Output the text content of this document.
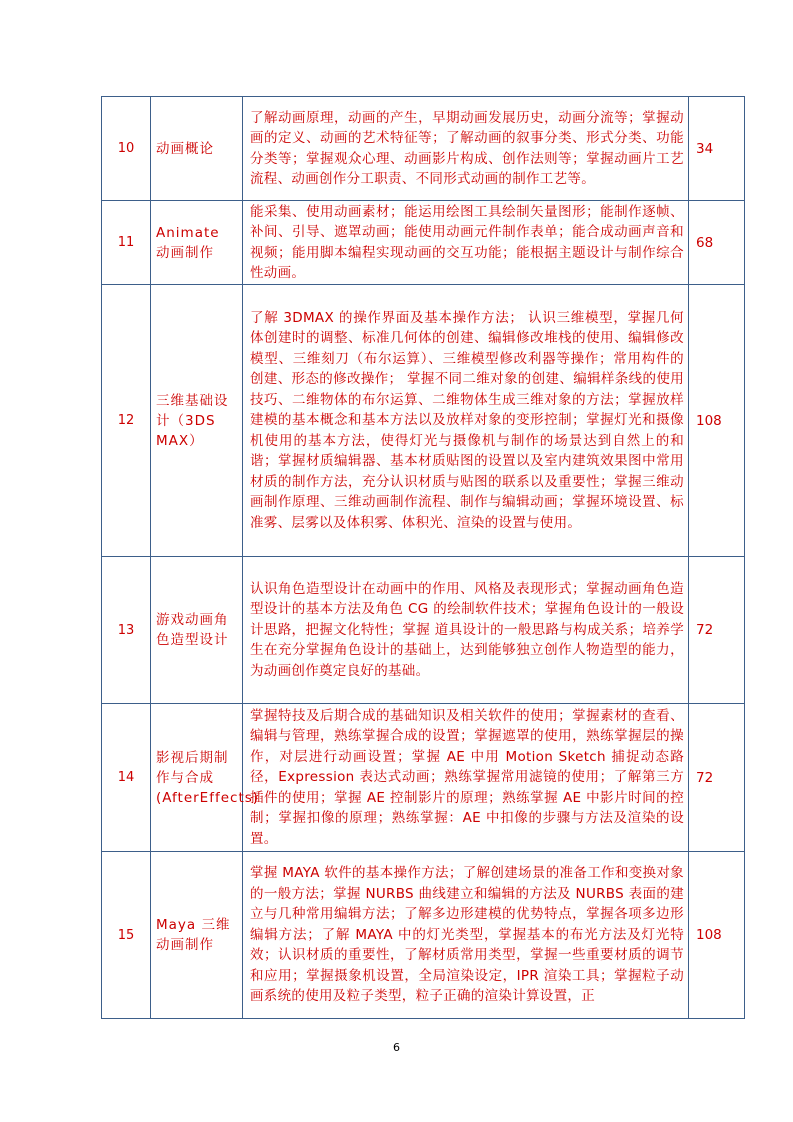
10	动画概论	了解动画原理，动画的产生，早期动画发展历史，动画分流等；掌握动画的定义、动画的艺术特征等；了解动画的叙事分类、形式分类、功能分类等；掌握观众心理、动画影片构成、创作法则等；掌握动画片工艺流程、动画创作分工职责、不同形式动画的制作工艺等。	34
11	Animate 动画制作	能采集、使用动画素材；能运用绘图工具绘制矢量图形；能制作逐帧、补间、引导、遮罩动画；能使用动画元件制作表单；能合成动画声音和视频；能用脚本编程实现动画的交互功能；能根据主题设计与制作综合性动画。	68
12	三维基础设计（3DS MAX）	了解 3DMAX 的操作界面及基本操作方法； 认识三维模型，掌握几何体创建时的调整、标准几何体的创建、编辑修改堆栈的使用、编辑修改模型、三维刻刀（布尔运算）、三维模型修改利器等操作；常用构件的创建、形态的修改操作； 掌握不同二维对象的创建、编辑样条线的使用技巧、二维物体的布尔运算、二维物体生成三维对象的方法；掌握放样建模的基本概念和基本方法以及放样对象的变形控制；掌握灯光和摄像机使用的基本方法，使得灯光与摄像机与制作的场景达到自然上的和谐；掌握材质编辑器、基本材质贴图的设置以及室内建筑效果图中常用材质的制作方法，充分认识材质与贴图的联系以及重要性；掌握三维动画制作原理、三维动画制作流程、制作与编辑动画；掌握环境设置、标准雾、层雾以及体积雾、体积光、渲染的设置与使用。	108
13	游戏动画角色造型设计	认识角色造型设计在动画中的作用、风格及表现形式；掌握动画角色造型设计的基本方法及角色 CG 的绘制软件技术；掌握角色设计的一般设计思路，把握文化特性；掌握 道具设计的一般思路与构成关系；培养学生在充分掌握角色设计的基础上，达到能够独立创作人物造型的能力，为动画创作奠定良好的基础。	72
14	影视后期制作与合成(AfterEffects)	掌握特技及后期合成的基础知识及相关软件的使用；掌握素材的查看、编辑与管理，熟练掌握合成的设置；掌握遮罩的使用，熟练掌握层的操作，对层进行动画设置；掌握 AE 中用 Motion Sketch 捕捉动态路径，Expression 表达式动画；熟练掌握常用滤镜的使用；了解第三方插件的使用；掌握 AE 控制影片的原理；熟练掌握 AE 中影片时间的控制；掌握扣像的原理；熟练掌握：AE 中扣像的步骤与方法及渲染的设置。	72
15	Maya 三维动画制作	掌握 MAYA 软件的基本操作方法；了解创建场景的准备工作和变换对象的一般方法；掌握 NURBS 曲线建立和编辑的方法及 NURBS 表面的建立与几种常用编辑方法；了解多边形建模的优势特点，掌握各项多边形编辑方法；了解 MAYA 中的灯光类型，掌握基本的布光方法及灯光特效；认识材质的重要性，了解材质常用类型，掌握一些重要材质的调节和应用；掌握摄象机设置，全局渲染设定，IPR 渲染工具；掌握粒子动画系统的使用及粒子类型，粒子正确的渲染计算设置，正	108
6
